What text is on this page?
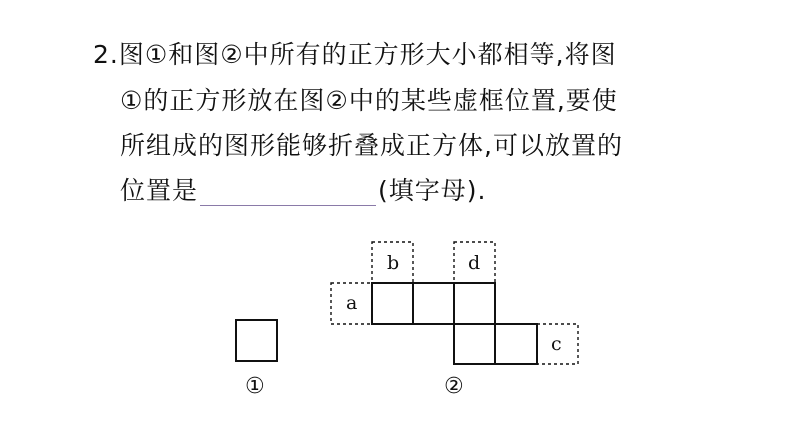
2.图①和图②中所有的正方形大小都相等,将图
①的正方形放在图②中的某些虚框位置,要使
所组成的图形能够折叠成正方体,可以放置的
位置是	(填字母).
a
b	d
c
①	②
